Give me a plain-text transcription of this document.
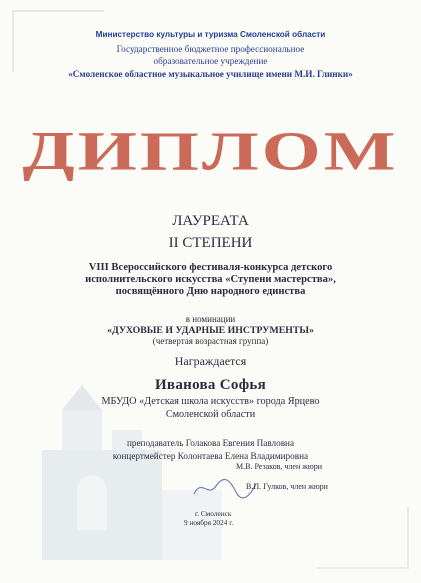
Министерство культуры и туризма Смоленской области
Государственное бюджетное профессиональное
образовательное учреждение
«Смоленское областное музыкальное училище имени М.И. Глинки»
ДИПЛОМ
ЛАУРЕАТА
II СТЕПЕНИ
VIII Всероссийского фестиваля-конкурса детского
исполнительского искусства «Ступени мастерства»,
посвящённого Дню народного единства
в номинации
«ДУХОВЫЕ И УДАРНЫЕ ИНСТРУМЕНТЫ»
(четвертая возрастная группа)
Награждается
Иванова Софья
МБУДО «Детская школа искусств» города Ярцево
Смоленской области
преподаватель Голакова Евгения Павловна
концертмейстер Колонтаева Елена Владимировна
М.В. Резаков, член жюри
В.П. Гулков, член жюри
г. Смоленск
9 ноября 2024 г.
